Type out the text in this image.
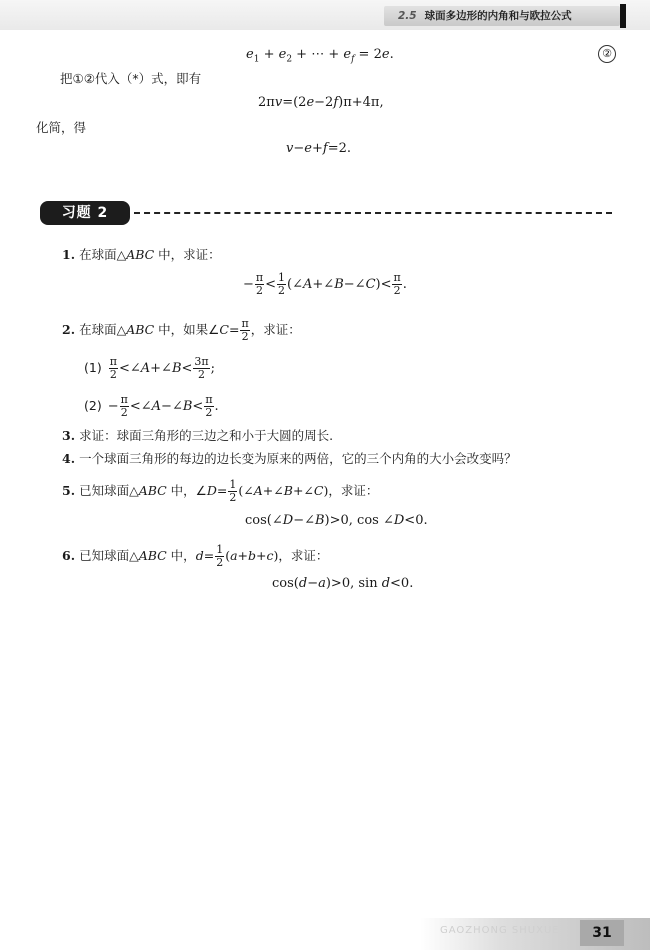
2.5 球面多边形的内角和与欧拉公式
$e_1 + e_2$ + ⋯ + $e_f = 2e$.	②
把①②代入（*）式，即有
2πv=(2e−2f)π+4π,
化简，得
v−e+f=2.
习题 2
1. 在球面△ABC 中，求证：
− $\frac{\pi}{2} < \frac{1}{2}$ (∠A+∠B−∠C)< $\frac{\pi}{2}$ .
2. 在球面△ABC 中，如果∠C= $\frac{\pi}{2}$ ，求证：
$(1) \frac{\pi}{2}$ <∠A+∠B< $\frac{3\pi}{2}$ ;
$(2) - \frac{\pi}{2}$ <∠A−∠B< $\frac{\pi}{2}$ .
3. 求证：球面三角形的三边之和小于大圆的周长.
4. 一个球面三角形的每边的边长变为原来的两倍，它的三个内角的大小会改变吗？
5. 已知球面△ABC 中，∠D= $\frac{1}{2}$ (∠A+∠B+∠C)，求证：
cos(∠D−∠B)>0, cos ∠D<0.
6. 已知球面△ABC 中，$d= \frac{1}{2} (a+b+c)$，求证：
cos(d−a)>0, sin d<0.
GAOZHONG SHUXUE	31
